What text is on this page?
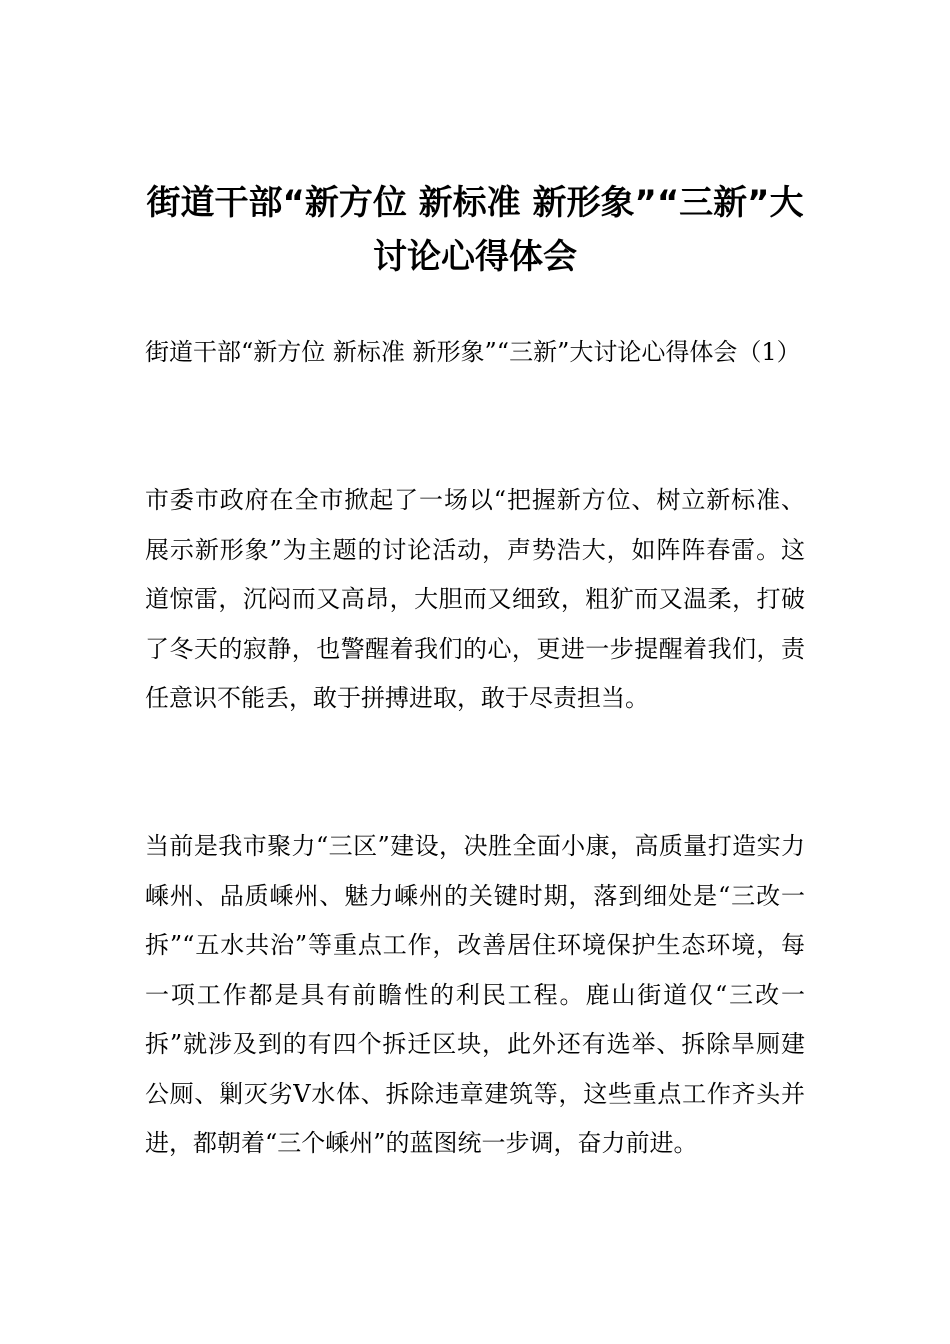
街道干部“新方位 新标准 新形象”“三新”大讨论心得体会

街道干部“新方位 新标准 新形象”“三新”大讨论心得体会（1）

市委市政府在全市掀起了一场以“把握新方位、树立新标准、展示新形象”为主题的讨论活动，声势浩大，如阵阵春雷。这道惊雷，沉闷而又高昂，大胆而又细致，粗犷而又温柔，打破了冬天的寂静，也警醒着我们的心，更进一步提醒着我们，责任意识不能丢，敢于拼搏进取，敢于尽责担当。

当前是我市聚力“三区”建设，决胜全面小康，高质量打造实力嵊州、品质嵊州、魅力嵊州的关键时期，落到细处是“三改一拆”“五水共治”等重点工作，改善居住环境保护生态环境，每一项工作都是具有前瞻性的利民工程。鹿山街道仅“三改一拆”就涉及到的有四个拆迁区块，此外还有选举、拆除旱厕建公厕、剿灭劣Ⅴ水体、拆除违章建筑等，这些重点工作齐头并进，都朝着“三个嵊州”的蓝图统一步调，奋力前进。
